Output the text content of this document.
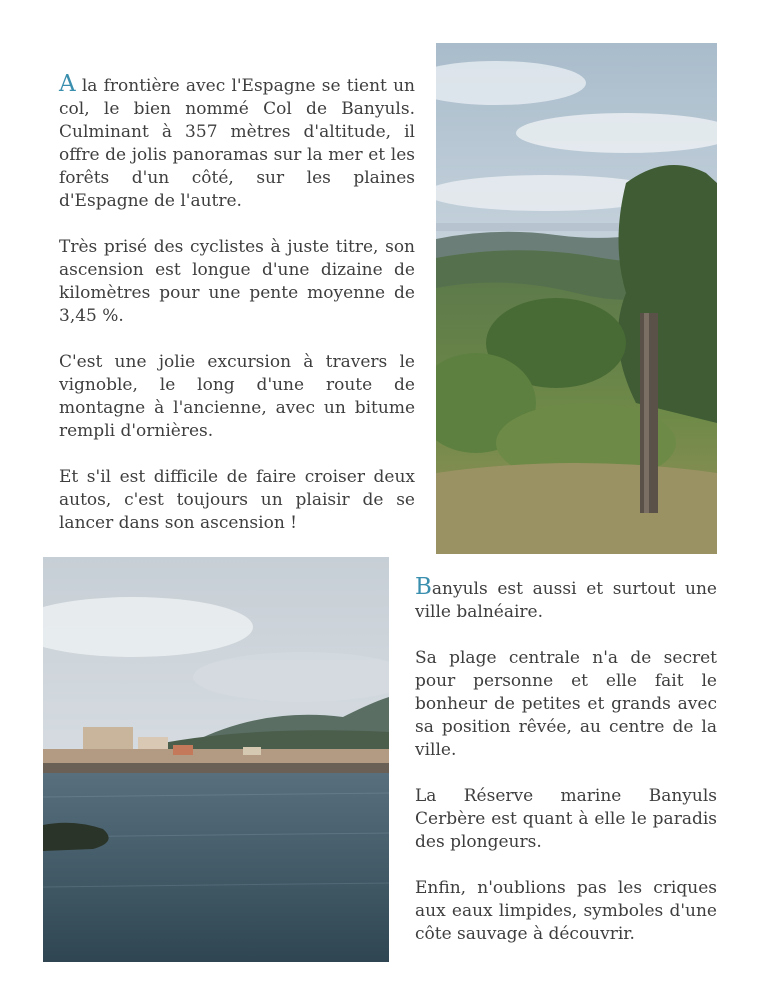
A la frontière avec l'Espagne se tient un col, le bien nommé Col de Banyuls. Culminant à 357 mètres d'altitude, il offre de jolis panoramas sur la mer et les forêts d'un côté, sur les plaines d'Espagne de l'autre.

Très prisé des cyclistes à juste titre, son ascension est longue d'une dizaine de kilomètres pour une pente moyenne de 3,45 %.

C'est une jolie excursion à travers le vignoble, le long d'une route de montagne à l'ancienne, avec un bitume rempli d'ornières.

Et s'il est difficile de faire croiser deux autos, c'est toujours un plaisir de se lancer dans son ascension !

Banyuls est aussi et surtout une ville balnéaire.

Sa plage centrale n'a de secret pour personne et elle fait le bonheur de petites et grands avec sa position rêvée, au centre de la ville.

La Réserve marine Banyuls Cerbère est quant à elle le paradis des plongeurs.

Enfin, n'oublions pas les criques aux eaux limpides, symboles d'une côte sauvage à découvrir.
